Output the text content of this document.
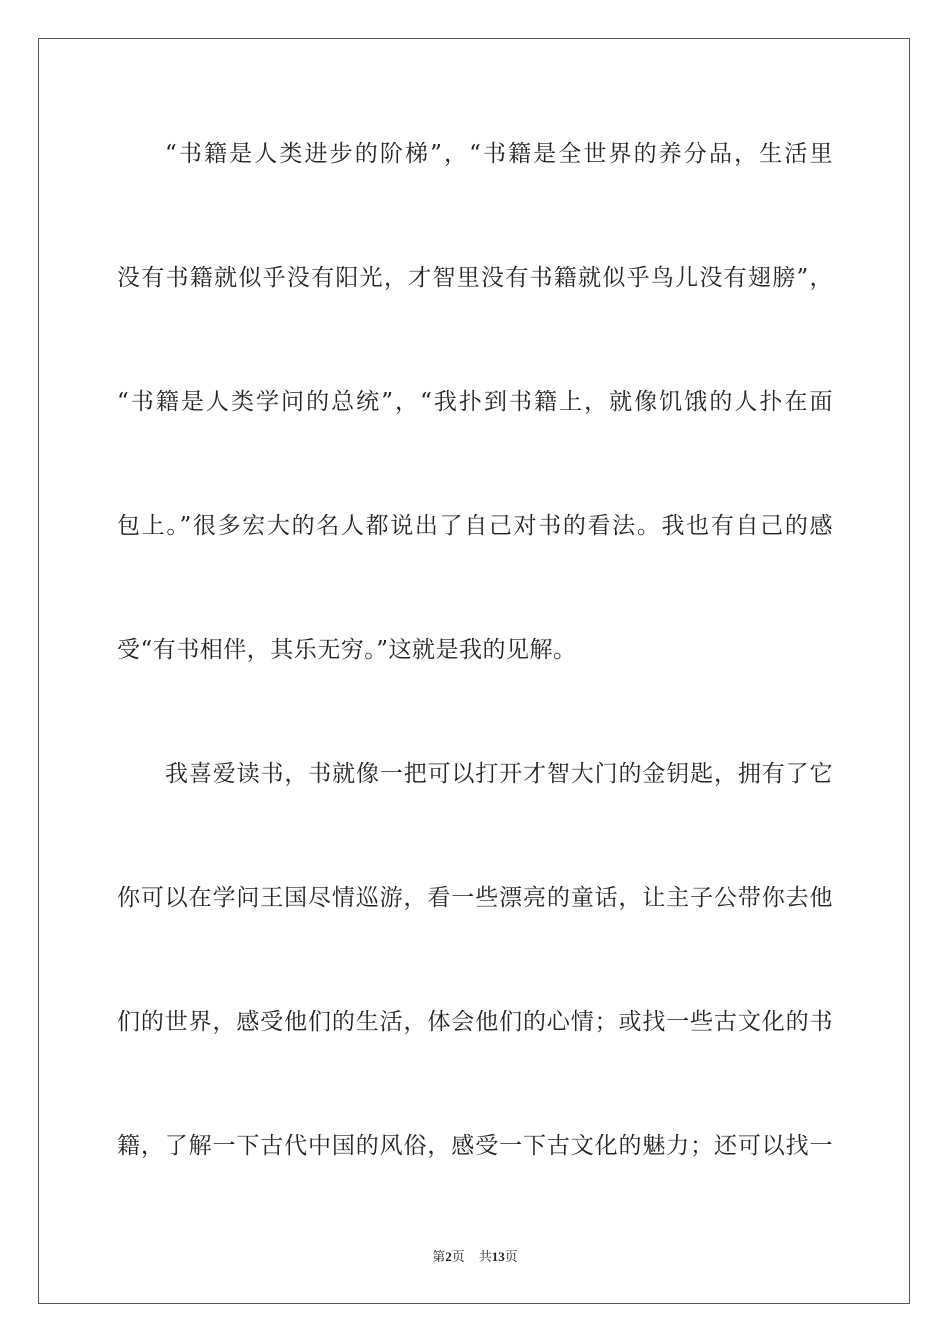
“书籍是人类进步的阶梯”，“书籍是全世界的养分品，生活里
没有书籍就似乎没有阳光，才智里没有书籍就似乎鸟儿没有翅膀”，
“书籍是人类学问的总统”，“我扑到书籍上，就像饥饿的人扑在面
包上。”很多宏大的名人都说出了自己对书的看法。我也有自己的感
受“有书相伴，其乐无穷。”这就是我的见解。
我喜爱读书，书就像一把可以打开才智大门的金钥匙，拥有了它
你可以在学问王国尽情巡游，看一些漂亮的童话，让主子公带你去他
们的世界，感受他们的生活，体会他们的心情；或找一些古文化的书
籍，了解一下古代中国的风俗，感受一下古文化的魅力；还可以找一
第2页 共13页
